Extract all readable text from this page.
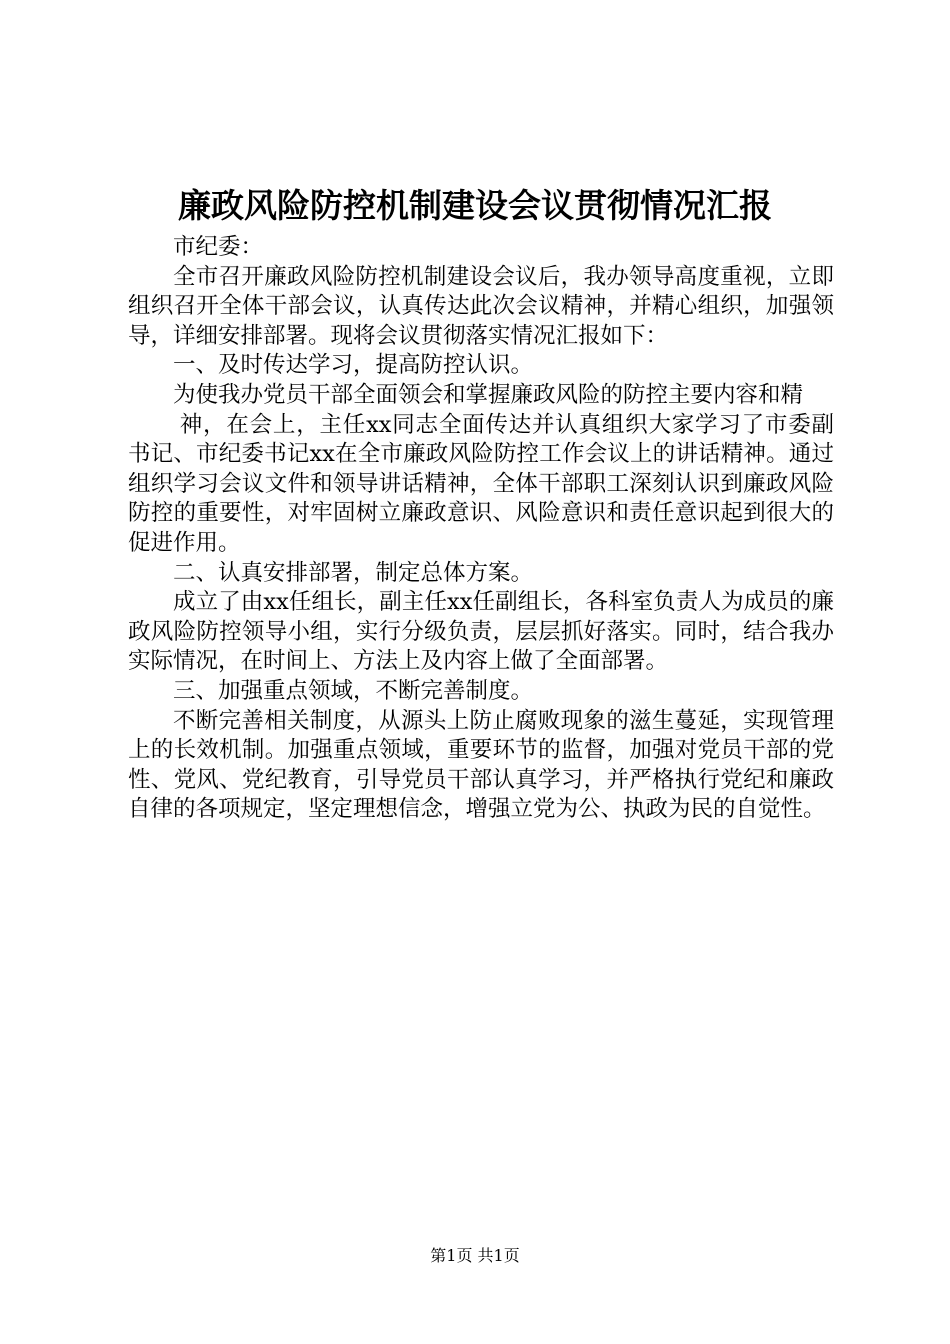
廉政风险防控机制建设会议贯彻情况汇报

市纪委：

全市召开廉政风险防控机制建设会议后，我办领导高度重视，立即组织召开全体干部会议，认真传达此次会议精神，并精心组织，加强领导，详细安排部署。现将会议贯彻落实情况汇报如下：

一、及时传达学习，提高防控认识。

为使我办党员干部全面领会和掌握廉政风险的防控主要内容和精

神，在会上，主任xx同志全面传达并认真组织大家学习了市委副书记、市纪委书记xx在全市廉政风险防控工作会议上的讲话精神。通过组织学习会议文件和领导讲话精神，全体干部职工深刻认识到廉政风险防控的重要性，对牢固树立廉政意识、风险意识和责任意识起到很大的促进作用。

二、认真安排部署，制定总体方案。

成立了由xx任组长，副主任xx任副组长，各科室负责人为成员的廉政风险防控领导小组，实行分级负责，层层抓好落实。同时，结合我办实际情况，在时间上、方法上及内容上做了全面部署。

三、加强重点领域，不断完善制度。

不断完善相关制度，从源头上防止腐败现象的滋生蔓延，实现管理上的长效机制。加强重点领域，重要环节的监督，加强对党员干部的党性、党风、党纪教育，引导党员干部认真学习，并严格执行党纪和廉政自律的各项规定，坚定理想信念，增强立党为公、执政为民的自觉性。

第1页 共1页
